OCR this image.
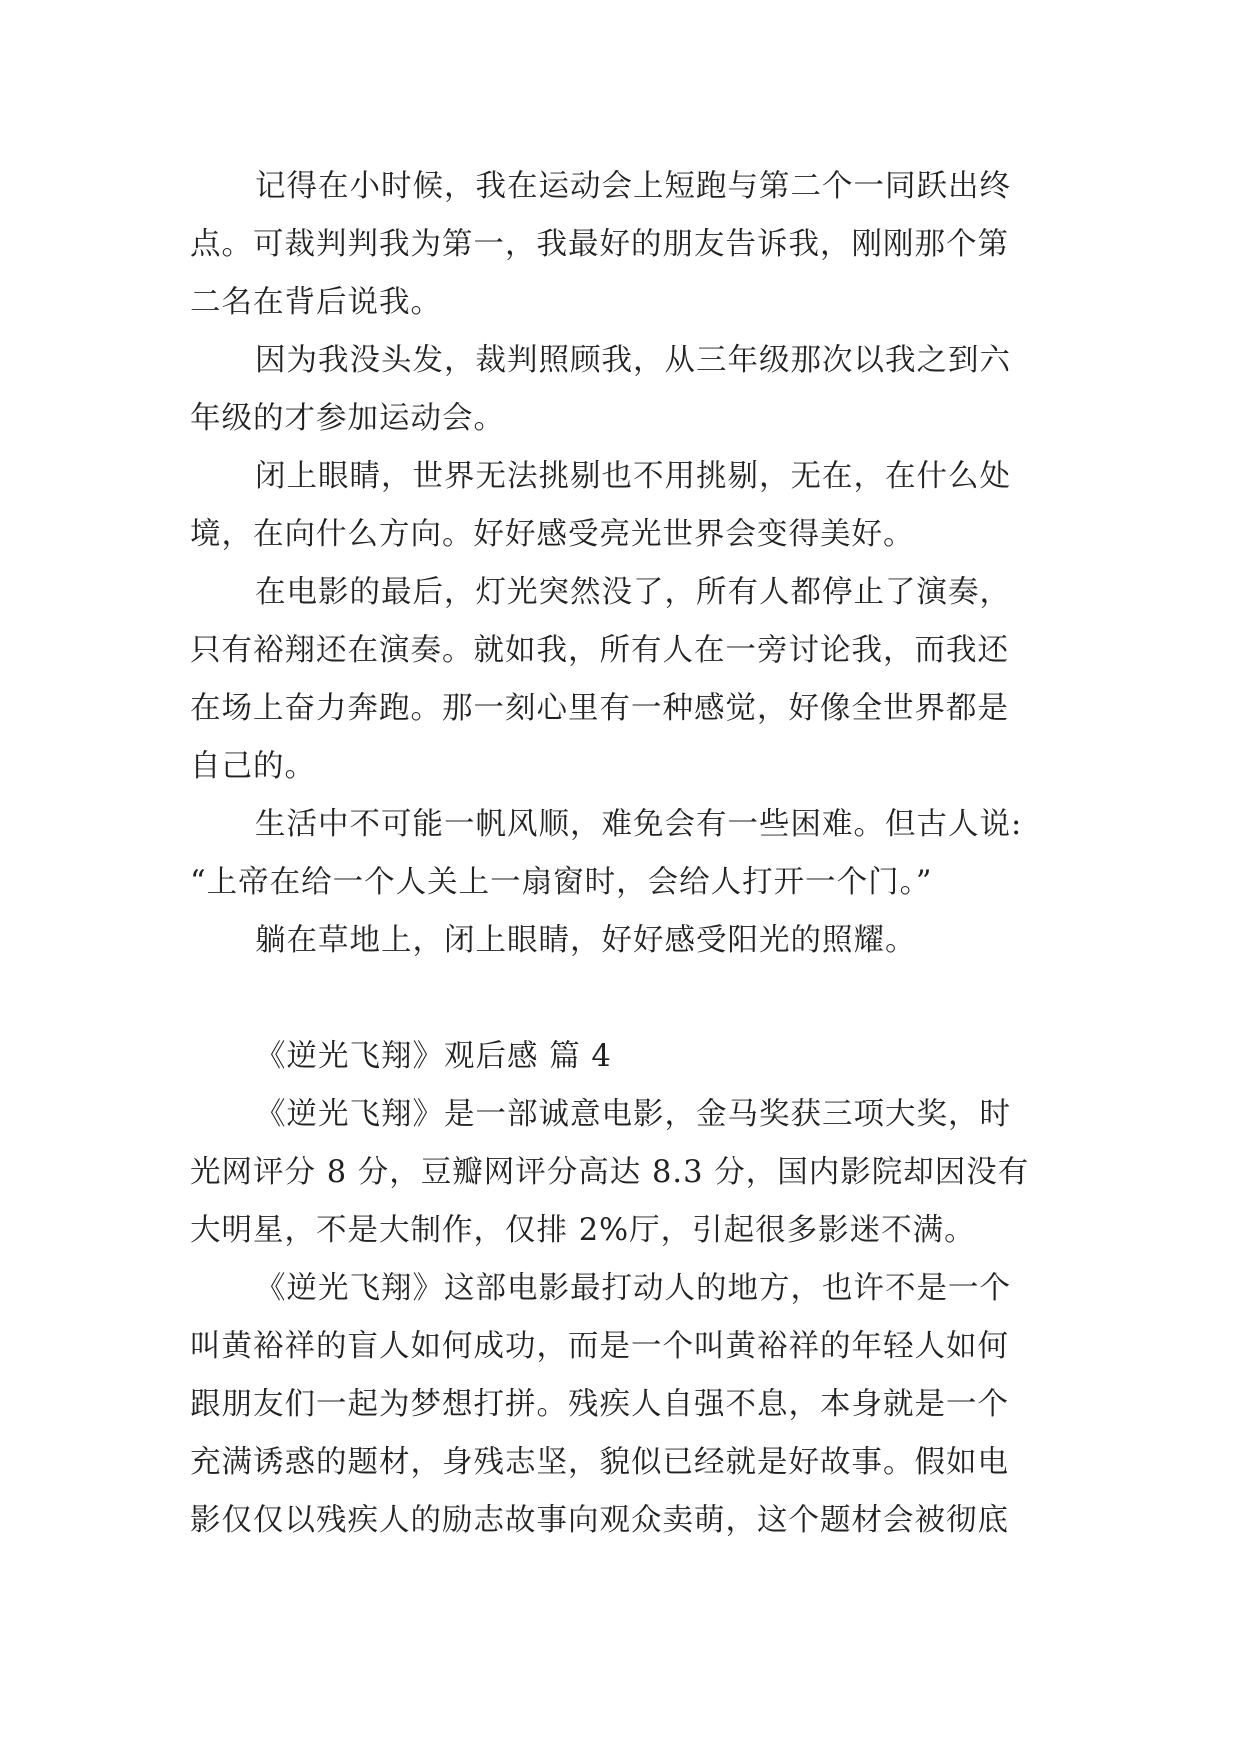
记得在小时候，我在运动会上短跑与第二个一同跃出终
点。可裁判判我为第一，我最好的朋友告诉我，刚刚那个第
二名在背后说我。
因为我没头发，裁判照顾我，从三年级那次以我之到六
年级的才参加运动会。
闭上眼睛，世界无法挑剔也不用挑剔，无在，在什么处
境，在向什么方向。好好感受亮光世界会变得美好。
在电影的最后，灯光突然没了，所有人都停止了演奏，
只有裕翔还在演奏。就如我，所有人在一旁讨论我，而我还
在场上奋力奔跑。那一刻心里有一种感觉，好像全世界都是
自己的。
生活中不可能一帆风顺，难免会有一些困难。但古人说:
“上帝在给一个人关上一扇窗时，会给人打开一个门。”
躺在草地上，闭上眼睛，好好感受阳光的照耀。
《逆光飞翔》观后感 篇 4
《逆光飞翔》是一部诚意电影，金马奖获三项大奖，时
光网评分 8 分，豆瓣网评分高达 8.3 分，国内影院却因没有
大明星，不是大制作，仅排 2%厅，引起很多影迷不满。
《逆光飞翔》这部电影最打动人的地方，也许不是一个
叫黄裕祥的盲人如何成功，而是一个叫黄裕祥的年轻人如何
跟朋友们一起为梦想打拼。残疾人自强不息，本身就是一个
充满诱惑的题材，身残志坚，貌似已经就是好故事。假如电
影仅仅以残疾人的励志故事向观众卖萌，这个题材会被彻底
